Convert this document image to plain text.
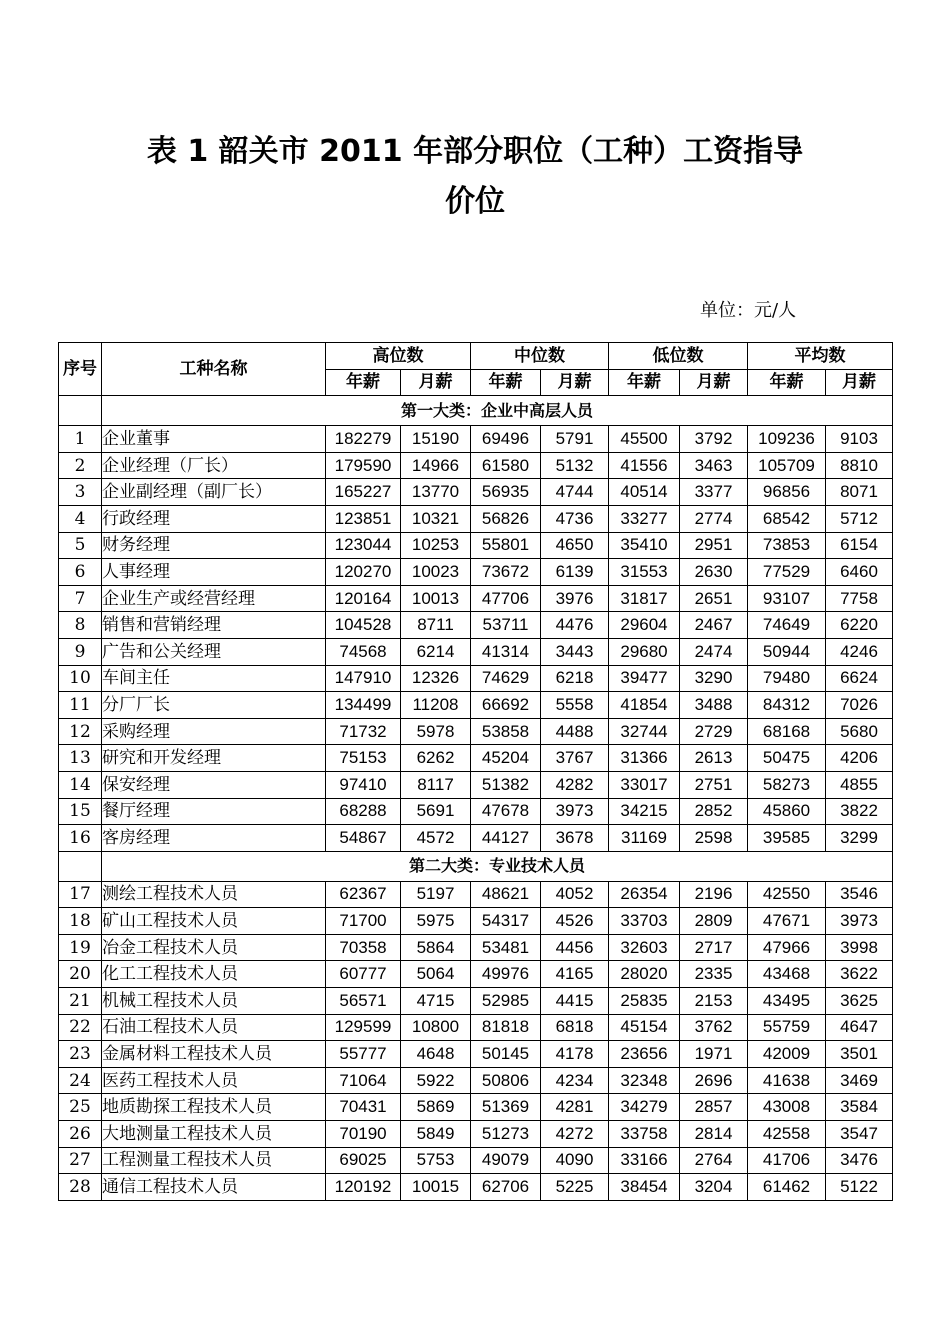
表 1 韶关市 2011 年部分职位（工种）工资指导
价位
单位：元/人
序号	工种名称	高位数		中位数		低位数		平均数	
		年薪	月薪	年薪	月薪	年薪	月薪	年薪	月薪
	第一大类：企业中高层人员								
1	企业董事	182279	15190	69496	5791	45500	3792	109236	9103
2	企业经理（厂长）	179590	14966	61580	5132	41556	3463	105709	8810
3	企业副经理（副厂长）	165227	13770	56935	4744	40514	3377	96856	8071
4	行政经理	123851	10321	56826	4736	33277	2774	68542	5712
5	财务经理	123044	10253	55801	4650	35410	2951	73853	6154
6	人事经理	120270	10023	73672	6139	31553	2630	77529	6460
7	企业生产或经营经理	120164	10013	47706	3976	31817	2651	93107	7758
8	销售和营销经理	104528	8711	53711	4476	29604	2467	74649	6220
9	广告和公关经理	74568	6214	41314	3443	29680	2474	50944	4246
10	车间主任	147910	12326	74629	6218	39477	3290	79480	6624
11	分厂厂长	134499	11208	66692	5558	41854	3488	84312	7026
12	采购经理	71732	5978	53858	4488	32744	2729	68168	5680
13	研究和开发经理	75153	6262	45204	3767	31366	2613	50475	4206
14	保安经理	97410	8117	51382	4282	33017	2751	58273	4855
15	餐厅经理	68288	5691	47678	3973	34215	2852	45860	3822
16	客房经理	54867	4572	44127	3678	31169	2598	39585	3299
	第二大类：专业技术人员								
17	测绘工程技术人员	62367	5197	48621	4052	26354	2196	42550	3546
18	矿山工程技术人员	71700	5975	54317	4526	33703	2809	47671	3973
19	冶金工程技术人员	70358	5864	53481	4456	32603	2717	47966	3998
20	化工工程技术人员	60777	5064	49976	4165	28020	2335	43468	3622
21	机械工程技术人员	56571	4715	52985	4415	25835	2153	43495	3625
22	石油工程技术人员	129599	10800	81818	6818	45154	3762	55759	4647
23	金属材料工程技术人员	55777	4648	50145	4178	23656	1971	42009	3501
24	医药工程技术人员	71064	5922	50806	4234	32348	2696	41638	3469
25	地质勘探工程技术人员	70431	5869	51369	4281	34279	2857	43008	3584
26	大地测量工程技术人员	70190	5849	51273	4272	33758	2814	42558	3547
27	工程测量工程技术人员	69025	5753	49079	4090	33166	2764	41706	3476
28	通信工程技术人员	120192	10015	62706	5225	38454	3204	61462	5122
